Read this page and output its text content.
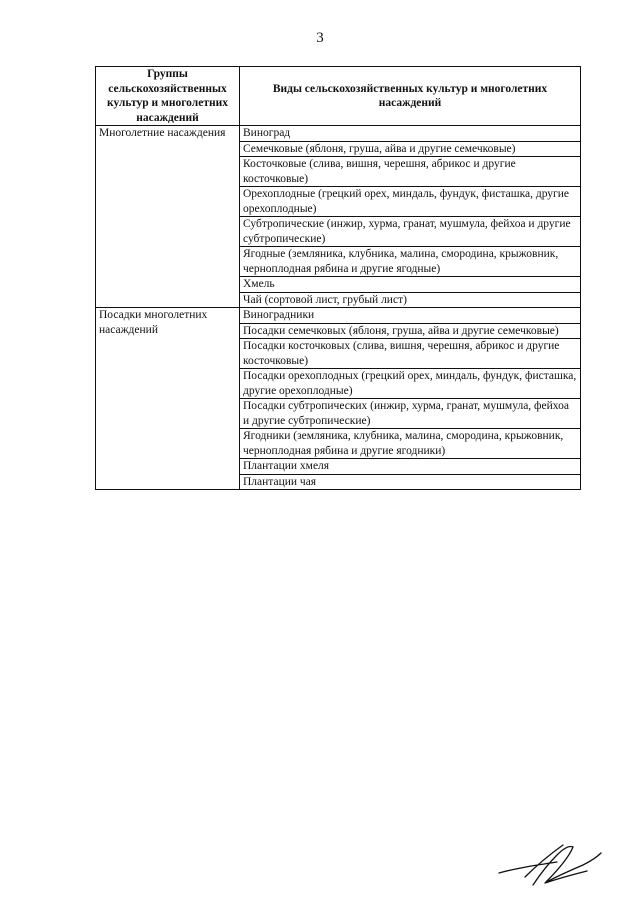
3
Группы сельскохозяйственных культур и многолетних насаждений	Виды сельскохозяйственных культур и многолетних насаждений
Многолетние насаждения	Виноград
	Семечковые (яблоня, груша, айва и другие семечковые)
	Косточковые (слива, вишня, черешня, абрикос и другие косточковые)
	Орехоплодные (грецкий орех, миндаль, фундук, фисташка, другие орехоплодные)
	Субтропические (инжир, хурма, гранат, мушмула, фейхоа и другие субтропические)
	Ягодные (земляника, клубника, малина, смородина, крыжовник, черноплодная рябина и другие ягодные)
	Хмель
	Чай (сортовой лист, грубый лист)
Посадки многолетних насаждений	Виноградники
	Посадки семечковых (яблоня, груша, айва и другие семечковые)
	Посадки косточковых (слива, вишня, черешня, абрикос и другие косточковые)
	Посадки орехоплодных (грецкий орех, миндаль, фундук, фисташка, другие орехоплодные)
	Посадки субтропических (инжир, хурма, гранат, мушмула, фейхоа и другие субтропические)
	Ягодники (земляника, клубника, малина, смородина, крыжовник, черноплодная рябина и другие ягодники)
	Плантации хмеля
	Плантации чая
